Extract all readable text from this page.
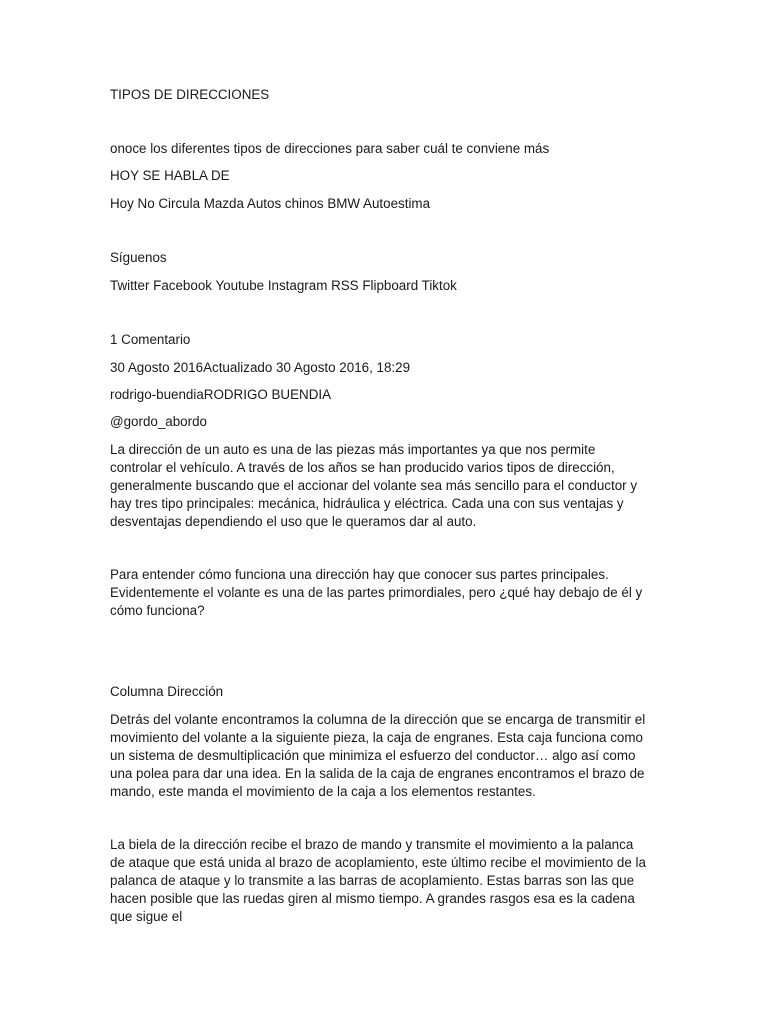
TIPOS DE DIRECCIONES
onoce los diferentes tipos de direcciones para saber cuál te conviene más
HOY SE HABLA DE
Hoy No Circula Mazda Autos chinos BMW Autoestima
Síguenos
Twitter Facebook Youtube Instagram RSS Flipboard Tiktok
1 Comentario
30 Agosto 2016Actualizado 30 Agosto 2016, 18:29
rodrigo-buendiaRODRIGO BUENDIA
@gordo_abordo

La dirección de un auto es una de las piezas más importantes ya que nos permite controlar el vehículo. A través de los años se han producido varios tipos de dirección, generalmente buscando que el accionar del volante sea más sencillo para el conductor y hay tres tipo principales: mecánica, hidráulica y eléctrica. Cada una con sus ventajas y desventajas dependiendo el uso que le queramos dar al auto.

Para entender cómo funciona una dirección hay que conocer sus partes principales. Evidentemente el volante es una de las partes primordiales, pero ¿qué hay debajo de él y cómo funciona?

Columna Dirección

Detrás del volante encontramos la columna de la dirección que se encarga de transmitir el movimiento del volante a la siguiente pieza, la caja de engranes. Esta caja funciona como un sistema de desmultiplicación que minimiza el esfuerzo del conductor… algo así como una polea para dar una idea. En la salida de la caja de engranes encontramos el brazo de mando, este manda el movimiento de la caja a los elementos restantes.

La biela de la dirección recibe el brazo de mando y transmite el movimiento a la palanca de ataque que está unida al brazo de acoplamiento, este último recibe el movimiento de la palanca de ataque y lo transmite a las barras de acoplamiento. Estas barras son las que hacen posible que las ruedas giren al mismo tiempo. A grandes rasgos esa es la cadena que sigue el
